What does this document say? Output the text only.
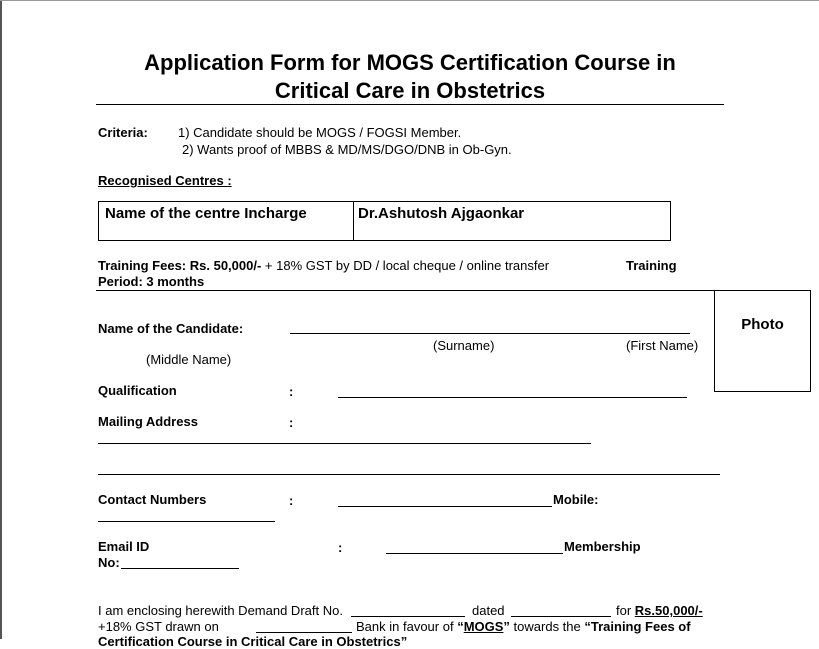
Application Form for MOGS Certification Course in
Critical Care in Obstetrics
Criteria: 1) Candidate should be MOGS / FOGSI Member.
2) Wants proof of MBBS & MD/MS/DGO/DNB in Ob-Gyn.
Recognised Centres :
Name of the centre Incharge	Dr.Ashutosh Ajgaonkar
Training Fees: Rs. 50,000/- + 18% GST by DD / local cheque / online transfer	Training
Period: 3 months
Photo
Name of the Candidate:
(Surname)	(First Name)
(Middle Name)
Qualification	:
Mailing Address	:
Contact Numbers	:	Mobile:
Email ID	:	Membership
No:
I am enclosing herewith Demand Draft No.	dated	for Rs.50,000/-
+18% GST drawn on	Bank in favour of “MOGS” towards the “Training Fees of
Certification Course in Critical Care in Obstetrics”
